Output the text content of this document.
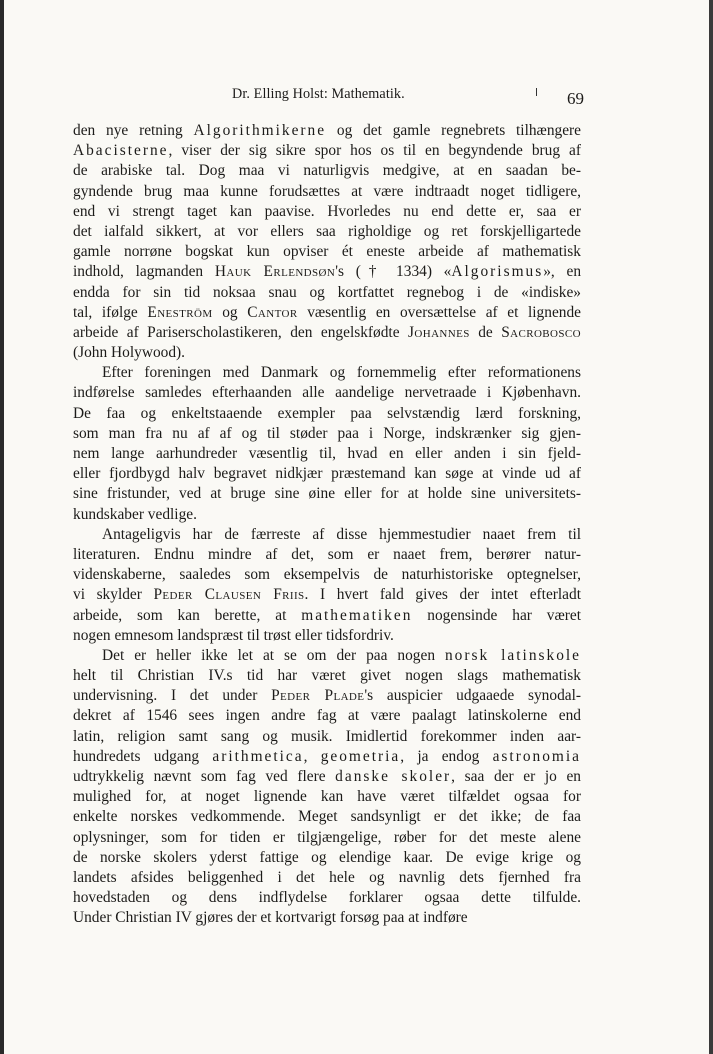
Dr. Elling Holst: Mathematik.	69
den nye retning Algorithmikerne og det gamle regnebrets tilhængere
Abacisterne, viser der sig sikre spor hos os til en begyndende brug af
de arabiske tal. Dog maa vi naturligvis medgive, at en saadan be-
gyndende brug maa kunne forudsættes at være indtraadt noget tidligere,
end vi strengt taget kan paavise. Hvorledes nu end dette er, saa er
det ialfald sikkert, at vor ellers saa righoldige og ret forskjelligartede
gamle norrøne bogskat kun opviser ét eneste arbeide af mathematisk
indhold, lagmanden Hauk Erlendsøn's († 1334) «Algorismus», en
endda for sin tid noksaa snau og kortfattet regnebog i de «indiske»
tal, ifølge Eneström og Cantor væsentlig en oversættelse af et lignende
arbeide af Pariserscholastikeren, den engelskfødte Johannes de Sacrobosco
(John Holywood).
Efter foreningen med Danmark og fornemmelig efter reformationens
indførelse samledes efterhaanden alle aandelige nervetraade i Kjøbenhavn.
De faa og enkeltstaaende exempler paa selvstændig lærd forskning,
som man fra nu af af og til støder paa i Norge, indskrænker sig gjen-
nem lange aarhundreder væsentlig til, hvad en eller anden i sin fjeld-
eller fjordbygd halv begravet nidkjær præstemand kan søge at vinde ud af
sine fristunder, ved at bruge sine øine eller for at holde sine universitets-
kundskaber vedlige.
Antageligvis har de færreste af disse hjemmestudier naaet frem til
literaturen. Endnu mindre af det, som er naaet frem, berører natur-
videnskaberne, saaledes som eksempelvis de naturhistoriske optegnelser,
vi skylder Peder Clausen Friis. I hvert fald gives der intet efterladt
arbeide, som kan berette, at mathematiken nogensinde har været
nogen emnesom landspræst til trøst eller tidsfordriv.
Det er heller ikke let at se om der paa nogen norsk latinskole
helt til Christian IV.s tid har været givet nogen slags mathematisk
undervisning. I det under Peder Plade's auspicier udgaaede synodal-
dekret af 1546 sees ingen andre fag at være paalagt latinskolerne end
latin, religion samt sang og musik. Imidlertid forekommer inden aar-
hundredets udgang arithmetica, geometria, ja endog astronomia
udtrykkelig nævnt som fag ved flere danske skoler, saa der er jo en
mulighed for, at noget lignende kan have været tilfældet ogsaa for
enkelte norskes vedkommende. Meget sandsynligt er det ikke; de faa
oplysninger, som for tiden er tilgjængelige, røber for det meste alene
de norske skolers yderst fattige og elendige kaar. De evige krige og
landets afsides beliggenhed i det hele og navnlig dets fjernhed fra
hovedstaden og dens indflydelse forklarer ogsaa dette tilfulde.
Under Christian IV gjøres der et kortvarigt forsøg paa at indføre
